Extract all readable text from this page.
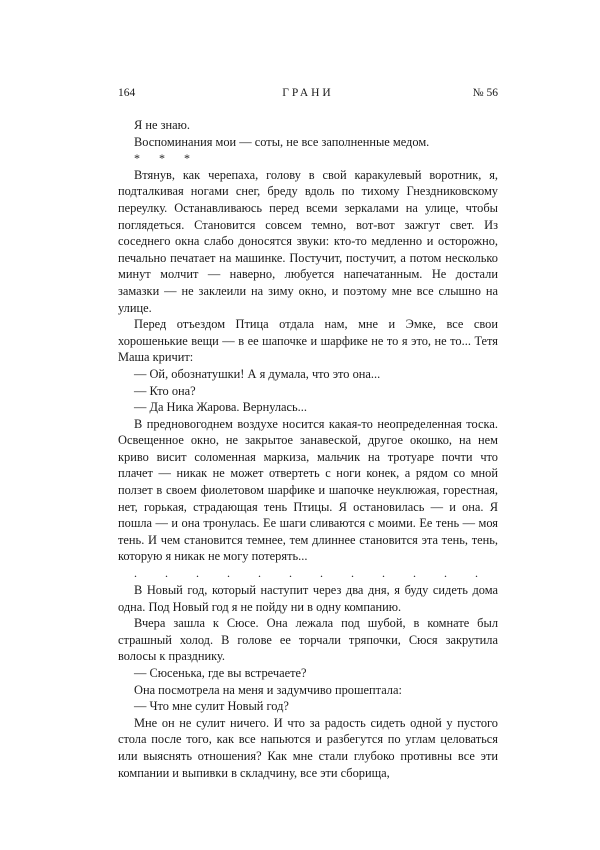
164	ГРАНИ	№ 56

Я не знаю.

Воспоминания мои — соты, не все заполненные медом.

* * *

Втянув, как черепаха, голову в свой каракулевый воротник, я, подталкивая ногами снег, бреду вдоль по тихому Гнездниковскому переулку. Останавливаюсь перед всеми зеркалами на улице, чтобы поглядеться. Становится совсем темно, вот-вот зажгут свет. Из соседнего окна слабо доносятся звуки: кто-то медленно и осторожно, печально печатает на машинке. Постучит, постучит, а потом несколько минут молчит — наверно, любуется напечатанным. Не достали замазки — не заклеили на зиму окно, и поэтому мне все слышно на улице.

Перед отъездом Птица отдала нам, мне и Эмке, все свои хорошенькие вещи — в ее шапочке и шарфике не то я это, не то... Тетя Маша кричит:

— Ой, обознатушки! А я думала, что это она...

— Кто она?

— Да Ника Жарова. Вернулась...

В предновогоднем воздухе носится какая-то неопределенная тоска. Освещенное окно, не закрытое занавеской, другое окошко, на нем криво висит соломенная маркиза, мальчик на тротуаре почти что плачет — никак не может отвертеть с ноги конек, а рядом со мной ползет в своем фиолетовом шарфике и шапочке неуклюжая, горестная, нет, горькая, страдающая тень Птицы. Я остановилась — и она. Я пошла — и она тронулась. Ее шаги сливаются с моими. Ее тень — моя тень. И чем становится темнее, тем длиннее становится эта тень, тень, которую я никак не могу потерять...

. . . . . . . . . . . .

В Новый год, который наступит через два дня, я буду сидеть дома одна. Под Новый год я не пойду ни в одну компанию.

Вчера зашла к Сюсе. Она лежала под шубой, в комнате был страшный холод. В голове ее торчали тряпочки, Сюся закрутила волосы к празднику.

— Сюсенька, где вы встречаете?

Она посмотрела на меня и задумчиво прошептала:

— Что мне сулит Новый год?

Мне он не сулит ничего. И что за радость сидеть одной у пустого стола после того, как все напьются и разбегутся по углам целоваться или выяснять отношения? Как мне стали глубоко противны все эти компании и выпивки в складчину, все эти сборища,
